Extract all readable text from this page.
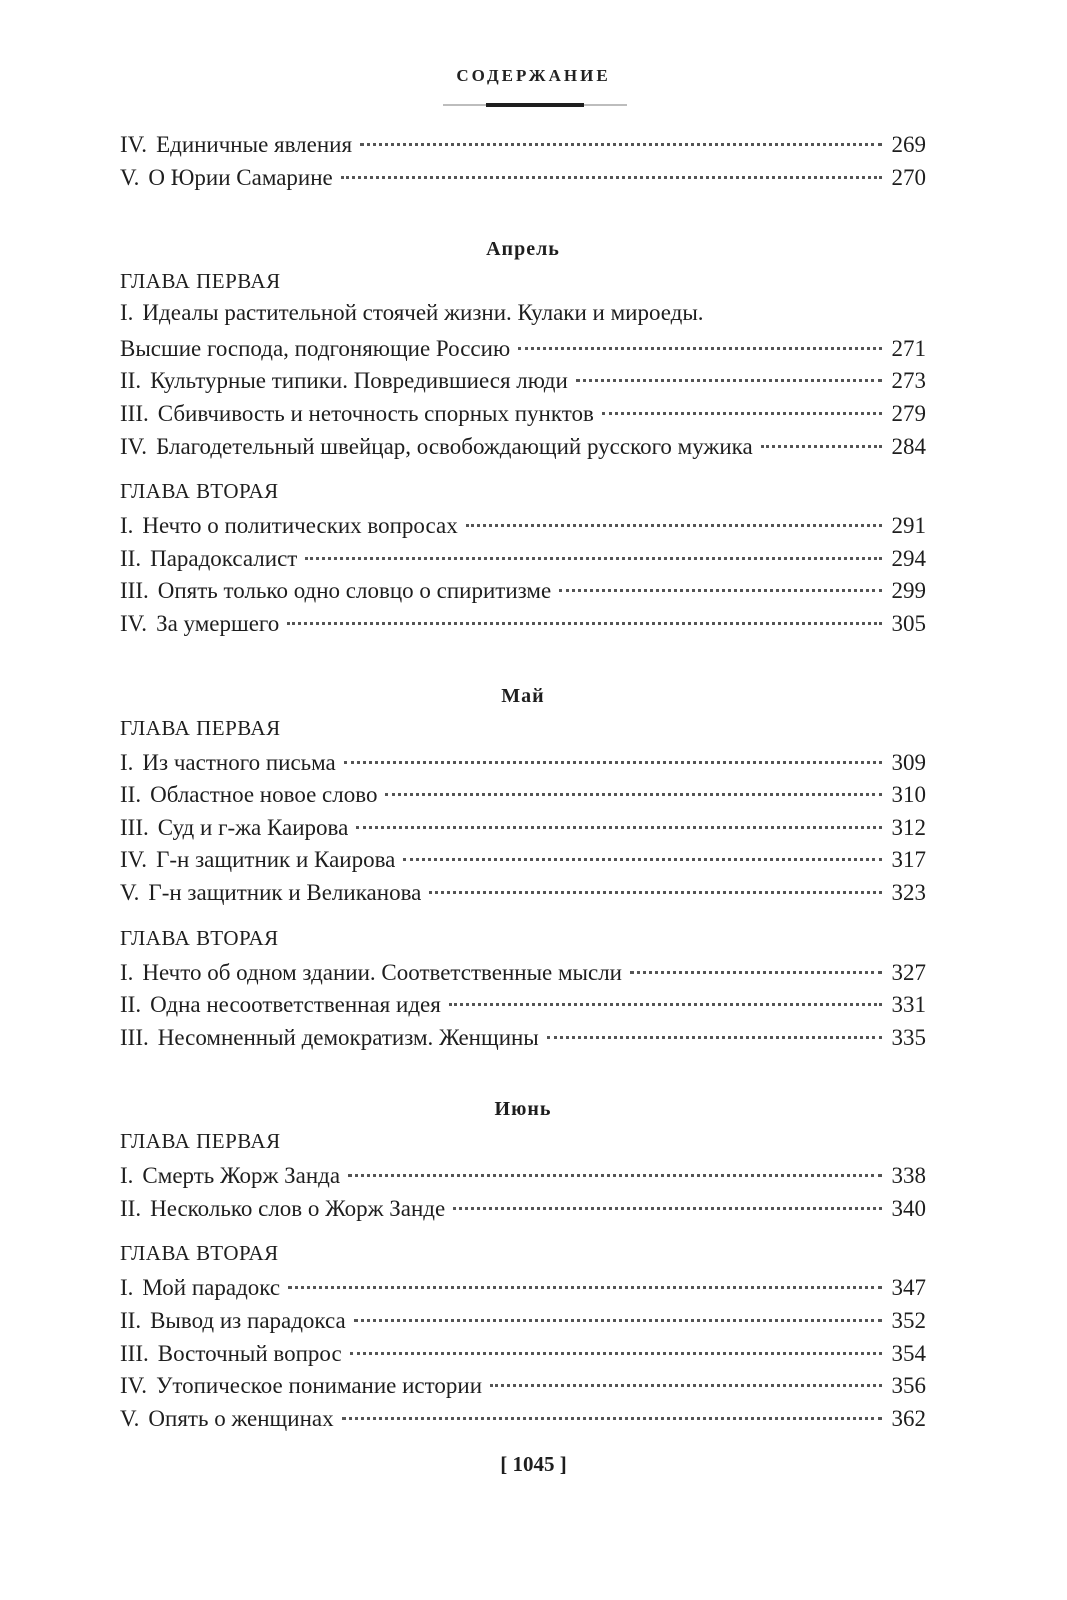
СОДЕРЖАНИЕ
IV. Единичные явления	269
V. О Юрии Самарине	270
Апрель
ГЛАВА ПЕРВАЯ
I. Идеалы растительной стоячей жизни. Кулаки и мироеды.
Высшие господа, подгоняющие Россию	271
II. Культурные типики. Повредившиеся люди	273
III. Сбивчивость и неточность спорных пунктов	279
IV. Благодетельный швейцар, освобождающий русского мужика	284
ГЛАВА ВТОРАЯ
I. Нечто о политических вопросах	291
II. Парадоксалист	294
III. Опять только одно словцо о спиритизме	299
IV. За умершего	305
Май
ГЛАВА ПЕРВАЯ
I. Из частного письма	309
II. Областное новое слово	310
III. Суд и г-жа Каирова	312
IV. Г-н защитник и Каирова	317
V. Г-н защитник и Великанова	323
ГЛАВА ВТОРАЯ
I. Нечто об одном здании. Соответственные мысли	327
II. Одна несоответственная идея	331
III. Несомненный демократизм. Женщины	335
Июнь
ГЛАВА ПЕРВАЯ
I. Смерть Жорж Занда	338
II. Несколько слов о Жорж Занде	340
ГЛАВА ВТОРАЯ
I. Мой парадокс	347
II. Вывод из парадокса	352
III. Восточный вопрос	354
IV. Утопическое понимание истории	356
V. Опять о женщинах	362
[ 1045 ]
